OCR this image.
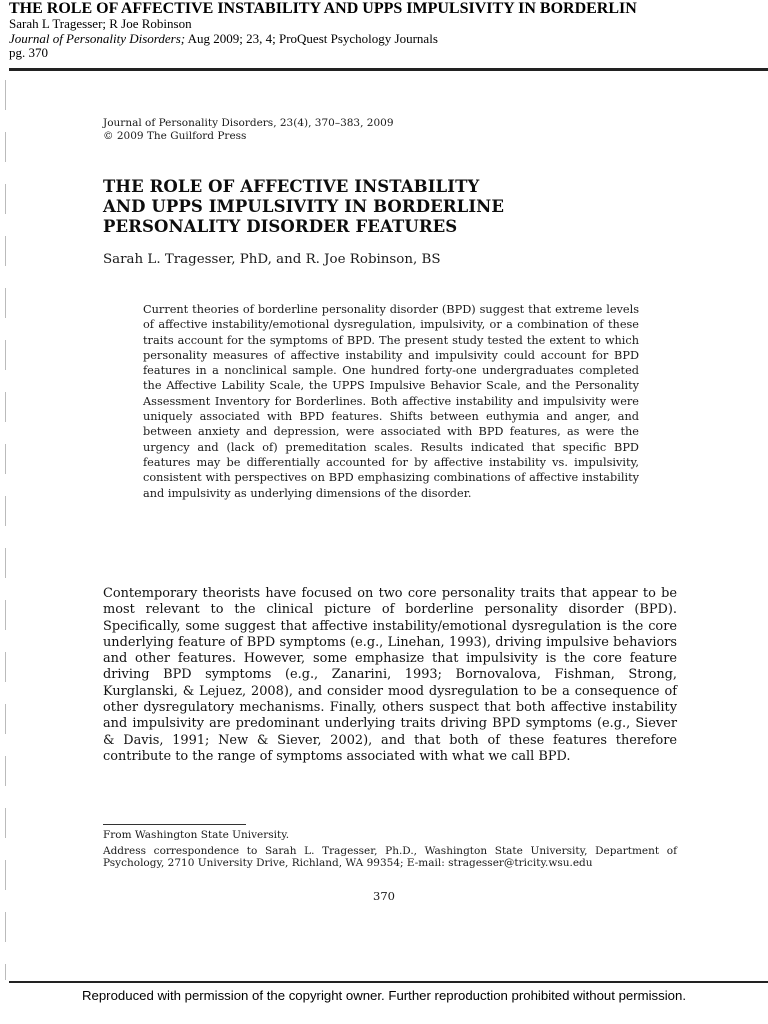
THE ROLE OF AFFECTIVE INSTABILITY AND UPPS IMPULSIVITY IN BORDERLIN
Sarah L Tragesser; R Joe Robinson
Journal of Personality Disorders; Aug 2009; 23, 4; ProQuest Psychology Journals
pg. 370
Journal of Personality Disorders, 23(4), 370–383, 2009
© 2009 The Guilford Press
THE ROLE OF AFFECTIVE INSTABILITY
AND UPPS IMPULSIVITY IN BORDERLINE
PERSONALITY DISORDER FEATURES
Sarah L. Tragesser, PhD, and R. Joe Robinson, BS
Current theories of borderline personality disorder (BPD) suggest that extreme levels of affective instability/emotional dysregulation, impulsivity, or a combination of these traits account for the symptoms of BPD. The present study tested the extent to which personality measures of affective instability and impulsivity could account for BPD features in a nonclinical sample. One hundred forty-one undergraduates completed the Affective Lability Scale, the UPPS Impulsive Behavior Scale, and the Personality Assessment Inventory for Borderlines. Both affective instability and impulsivity were uniquely associated with BPD features. Shifts between euthymia and anger, and between anxiety and depression, were associated with BPD features, as were the urgency and (lack of) premeditation scales. Results indicated that specific BPD features may be differentially accounted for by affective instability vs. impulsivity, consistent with perspectives on BPD emphasizing combinations of affective instability and impulsivity as underlying dimensions of the disorder.
Contemporary theorists have focused on two core personality traits that appear to be most relevant to the clinical picture of borderline personality disorder (BPD). Specifically, some suggest that affective instability/emotional dysregulation is the core underlying feature of BPD symptoms (e.g., Linehan, 1993), driving impulsive behaviors and other features. However, some emphasize that impulsivity is the core feature driving BPD symptoms (e.g., Zanarini, 1993; Bornovalova, Fishman, Strong, Kurglanski, & Lejuez, 2008), and consider mood dysregulation to be a consequence of other dysregulatory mechanisms. Finally, others suspect that both affective instability and impulsivity are predominant underlying traits driving BPD symptoms (e.g., Siever & Davis, 1991; New & Siever, 2002), and that both of these features therefore contribute to the range of symptoms associated with what we call BPD.
From Washington State University.
Address correspondence to Sarah L. Tragesser, Ph.D., Washington State University, Department of Psychology, 2710 University Drive, Richland, WA 99354; E-mail: stragesser@tricity.wsu.edu
370
Reproduced with permission of the copyright owner. Further reproduction prohibited without permission.
